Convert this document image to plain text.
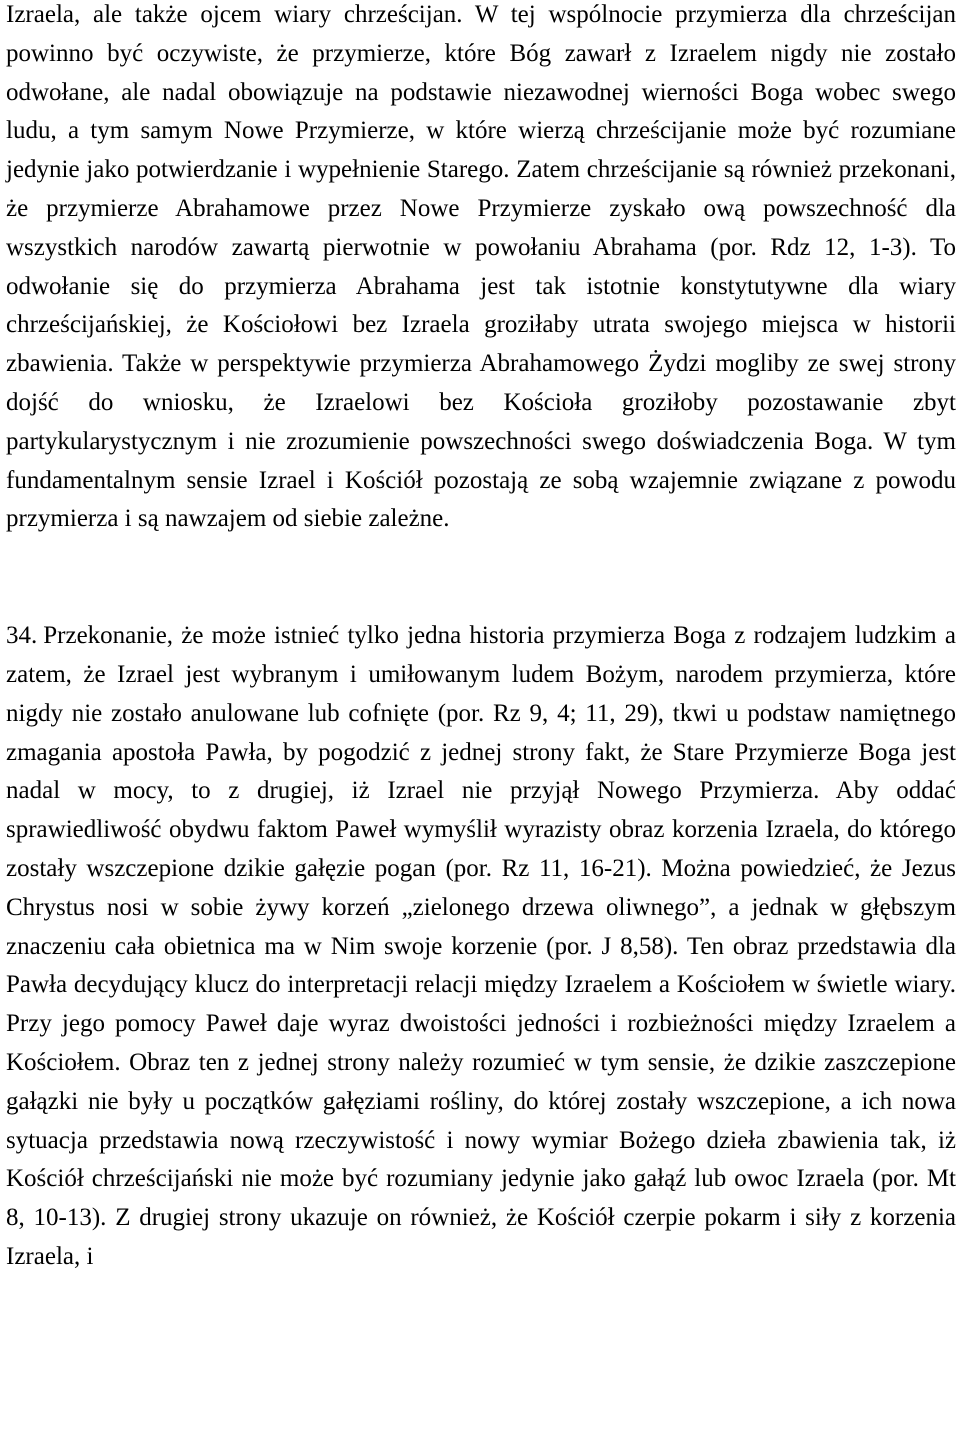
Izraela, ale także ojcem wiary chrześcijan. W tej wspólnocie przymierza dla chrześcijan powinno być oczywiste, że przymierze, które Bóg zawarł z Izraelem nigdy nie zostało odwołane, ale nadal obowiązuje na podstawie niezawodnej wierności Boga wobec swego ludu, a tym samym Nowe Przymierze, w które wierzą chrześcijanie może być rozumiane jedynie jako potwierdzanie i wypełnienie Starego. Zatem chrześcijanie są również przekonani, że przymierze Abrahamowe przez Nowe Przymierze zyskało ową powszechność dla wszystkich narodów zawartą pierwotnie w powołaniu Abrahama (por. Rdz 12, 1-3). To odwołanie się do przymierza Abrahama jest tak istotnie konstytutywne dla wiary chrześcijańskiej, że Kościołowi bez Izraela groziłaby utrata swojego miejsca w historii zbawienia. Także w perspektywie przymierza Abrahamowego Żydzi mogliby ze swej strony dojść do wniosku, że Izraelowi bez Kościoła groziłoby pozostawanie zbyt partykularystycznym i nie zrozumienie powszechności swego doświadczenia Boga. W tym fundamentalnym sensie Izrael i Kościół pozostają ze sobą wzajemnie związane z powodu przymierza i są nawzajem od siebie zależne.

34. Przekonanie, że może istnieć tylko jedna historia przymierza Boga z rodzajem ludzkim a zatem, że Izrael jest wybranym i umiłowanym ludem Bożym, narodem przymierza, które nigdy nie zostało anulowane lub cofnięte (por. Rz 9, 4; 11, 29), tkwi u podstaw namiętnego zmagania apostoła Pawła, by pogodzić z jednej strony fakt, że Stare Przymierze Boga jest nadal w mocy, to z drugiej, iż Izrael nie przyjął Nowego Przymierza. Aby oddać sprawiedliwość obydwu faktom Paweł wymyślił wyrazisty obraz korzenia Izraela, do którego zostały wszczepione dzikie gałęzie pogan (por. Rz 11, 16-21). Można powiedzieć, że Jezus Chrystus nosi w sobie żywy korzeń „zielonego drzewa oliwnego”, a jednak w głębszym znaczeniu cała obietnica ma w Nim swoje korzenie (por. J 8,58). Ten obraz przedstawia dla Pawła decydujący klucz do interpretacji relacji między Izraelem a Kościołem w świetle wiary. Przy jego pomocy Paweł daje wyraz dwoistości jedności i rozbieżności między Izraelem a Kościołem. Obraz ten z jednej strony należy rozumieć w tym sensie, że dzikie zaszczepione gałązki nie były u początków gałęziami rośliny, do której zostały wszczepione, a ich nowa sytuacja przedstawia nową rzeczywistość i nowy wymiar Bożego dzieła zbawienia tak, iż Kościół chrześcijański nie może być rozumiany jedynie jako gałąź lub owoc Izraela (por. Mt 8, 10-13). Z drugiej strony ukazuje on również, że Kościół czerpie pokarm i siły z korzenia Izraela, i
